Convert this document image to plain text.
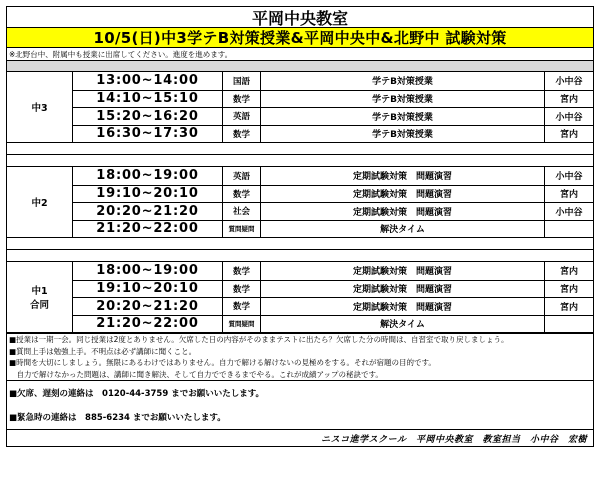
平岡中央教室
10/5(日)中3学テB対策授業&平岡中央中&北野中 試験対策
※北野台中、附属中も授業に出席してください。進度を進めます。
中3
13:00~14:00	国語	学テB対策授業	小中谷
14:10~15:10	数学	学テB対策授業	宮内
15:20~16:20	英語	学テB対策授業	小中谷
16:30~17:30	数学	学テB対策授業	宮内
中2
18:00~19:00	英語	定期試験対策　問題演習	小中谷
19:10~20:10	数学	定期試験対策　問題演習	宮内
20:20~21:20	社会	定期試験対策　問題演習	小中谷
21:20~22:00	質問疑問	解決タイム
中1
合同
18:00~19:00	数学	定期試験対策　問題演習	宮内
19:10~20:10	数学	定期試験対策　問題演習	宮内
20:20~21:20	数学	定期試験対策　問題演習	宮内
21:20~22:00	質問疑問	解決タイム
■授業は一期一会。同じ授業は2度とありません。欠席した日の内容がそのままテストに出たら？欠席した分の時間は、自習室で取り戻しましょう。
■質問上手は勉強上手。不明点は必ず講師に聞くこと。
■時間を大切にしましょう。無限にあるわけではありません。自力で解ける解けないの見極めをする。それが宿題の目的です。
　自力で解けなかった問題は、講師に聞き解決、そして自力でできるまでやる。これが成績アップの秘訣です。
■欠席、遅刻の連絡は　0120-44-3759 までお願いいたします。
■緊急時の連絡は　885-6234 までお願いいたします。
ニスコ進学スクール　平岡中央教室　教室担当　小中谷　宏樹
